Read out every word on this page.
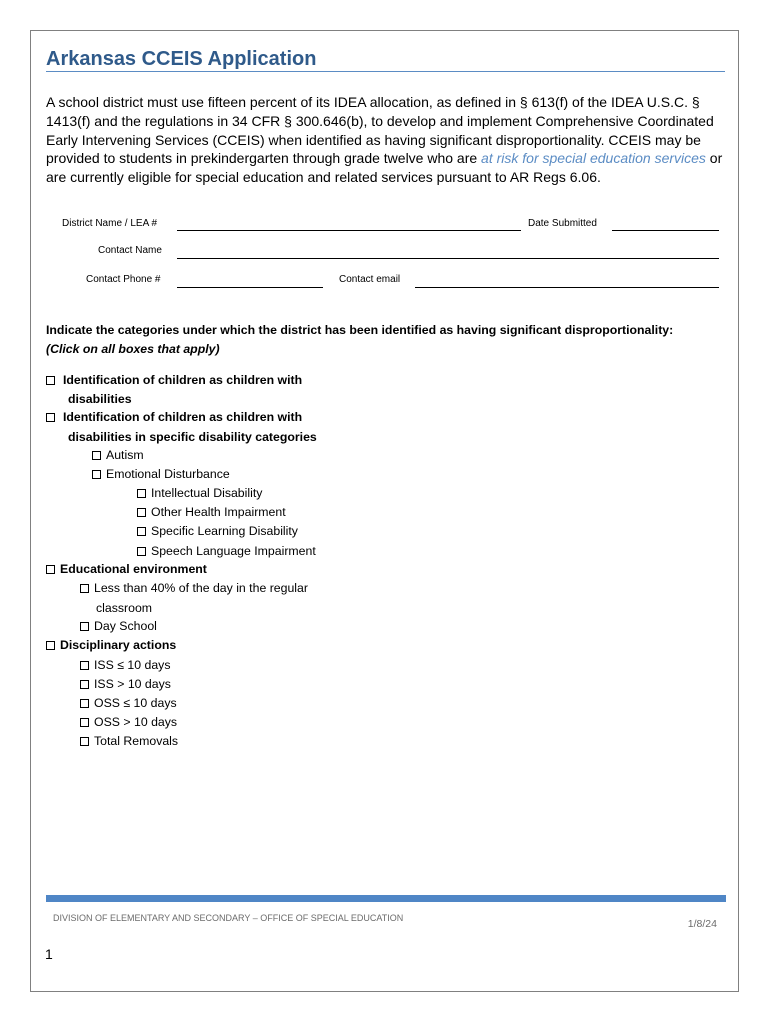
Arkansas CCEIS Application
A school district must use fifteen percent of its IDEA allocation, as defined in § 613(f) of the IDEA U.S.C. § 1413(f) and the regulations in 34 CFR § 300.646(b), to develop and implement Comprehensive Coordinated Early Intervening Services (CCEIS) when identified as having significant disproportionality. CCEIS may be provided to students in prekindergarten through grade twelve who are at risk for special education services or are currently eligible for special education and related services pursuant to AR Regs 6.06.
District Name / LEA #	Date Submitted
Contact Name
Contact Phone #	Contact email
Indicate the categories under which the district has been identified as having significant disproportionality: (Click on all boxes that apply)
Identification of children as children with
disabilities
Identification of children as children with
disabilities in specific disability categories
Autism
Emotional Disturbance
Intellectual Disability
Other Health Impairment
Specific Learning Disability
Speech Language Impairment
Educational environment
Less than 40% of the day in the regular
classroom
Day School
Disciplinary actions
ISS ≤ 10 days
ISS > 10 days
OSS ≤ 10 days
OSS > 10 days
Total Removals
DIVISION OF ELEMENTARY AND SECONDARY – OFFICE OF SPECIAL EDUCATION	1/8/24
1
